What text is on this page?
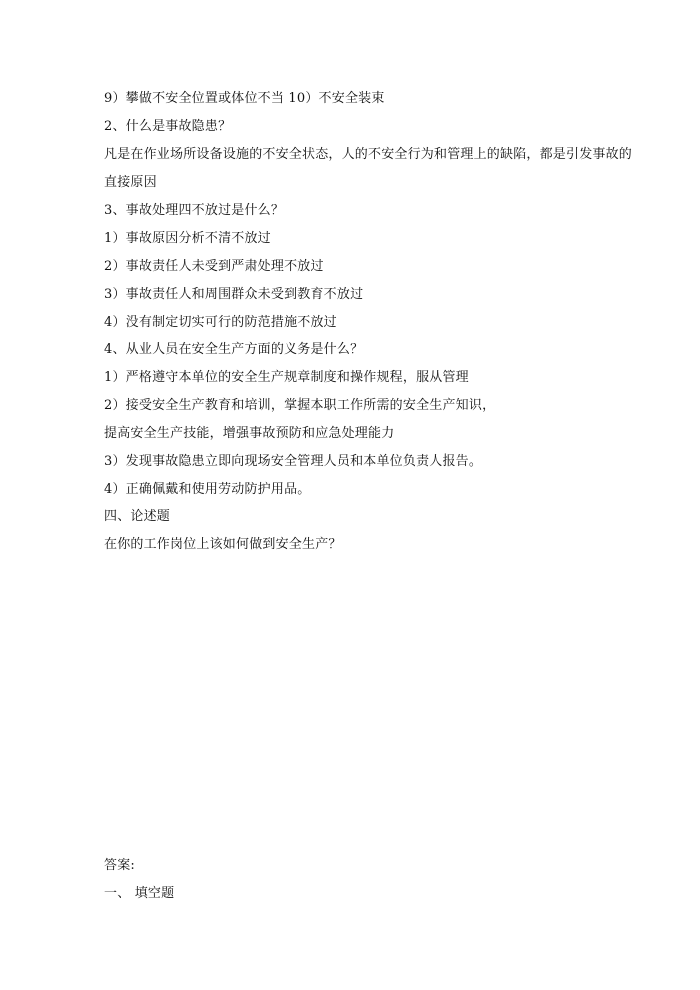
9）攀做不安全位置或体位不当 10）不安全装束
2、什么是事故隐患？
凡是在作业场所设备设施的不安全状态，人的不安全行为和管理上的缺陷，都是引发事故的
直接原因
3、事故处理四不放过是什么？
1）事故原因分析不清不放过
2）事故责任人未受到严肃处理不放过
3）事故责任人和周围群众未受到教育不放过
4）没有制定切实可行的防范措施不放过
4、从业人员在安全生产方面的义务是什么？
1）严格遵守本单位的安全生产规章制度和操作规程，服从管理
2）接受安全生产教育和培训，掌握本职工作所需的安全生产知识，
提高安全生产技能，增强事故预防和应急处理能力
3）发现事故隐患立即向现场安全管理人员和本单位负责人报告。
4）正确佩戴和使用劳动防护用品。
四、论述题
在你的工作岗位上该如何做到安全生产？
答案:
一、 填空题
